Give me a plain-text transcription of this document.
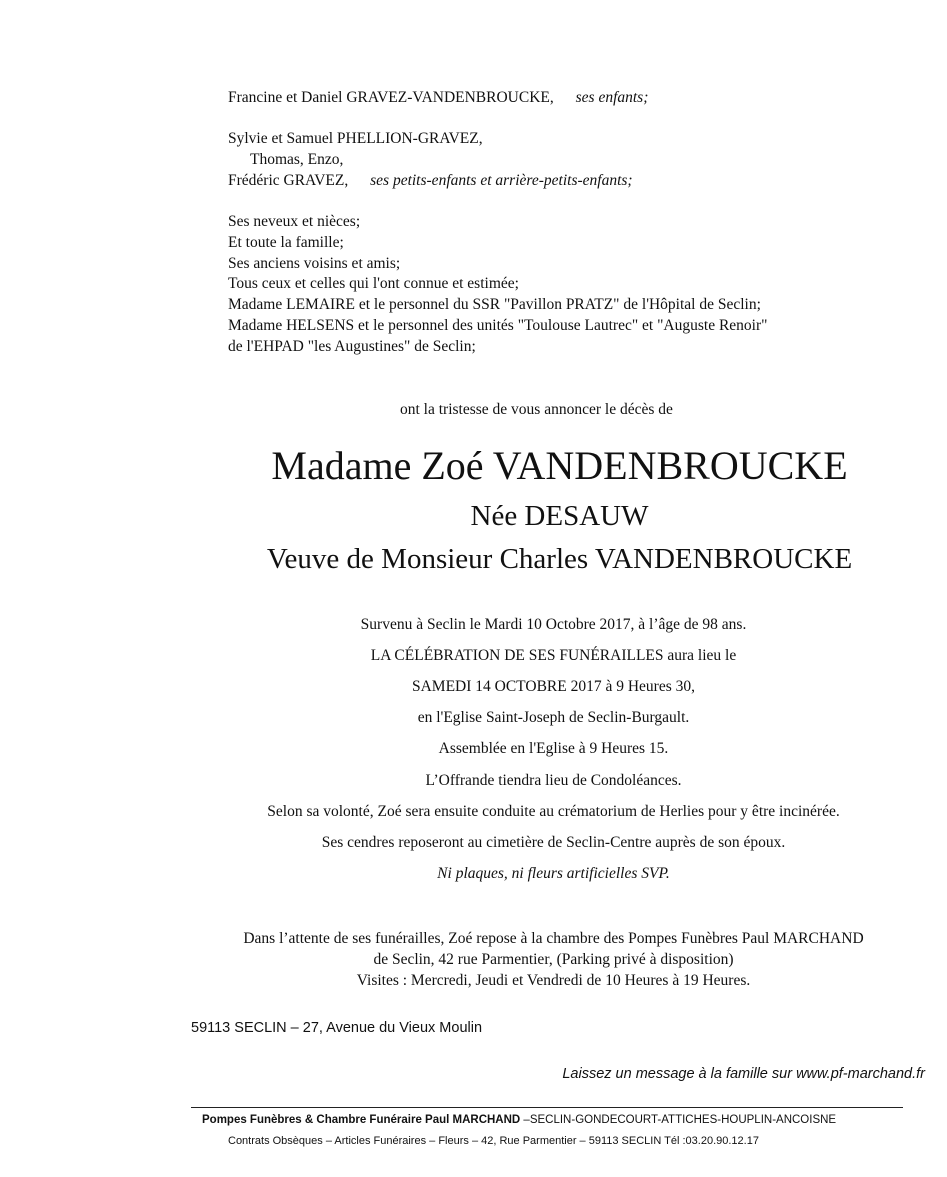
Francine et Daniel GRAVEZ-VANDENBROUCKE, ses enfants;
Sylvie et Samuel PHELLION-GRAVEZ,
Thomas, Enzo,
Frédéric GRAVEZ, ses petits-enfants et arrière-petits-enfants;
Ses neveux et nièces;
Et toute la famille;
Ses anciens voisins et amis;
Tous ceux et celles qui l'ont connue et estimée;
Madame LEMAIRE et le personnel du SSR "Pavillon PRATZ" de l'Hôpital de Seclin;
Madame HELSENS et le personnel des unités "Toulouse Lautrec" et "Auguste Renoir"
de l'EHPAD "les Augustines" de Seclin;
ont la tristesse de vous annoncer le décès de
Madame Zoé VANDENBROUCKE
Née DESAUW
Veuve de Monsieur Charles VANDENBROUCKE
Survenu à Seclin le Mardi 10 Octobre 2017, à l’âge de 98 ans.
LA CÉLÉBRATION DE SES FUNÉRAILLES aura lieu le
SAMEDI 14 OCTOBRE 2017 à 9 Heures 30,
en l'Eglise Saint-Joseph de Seclin-Burgault.
Assemblée en l'Eglise à 9 Heures 15.
L’Offrande tiendra lieu de Condoléances.
Selon sa volonté, Zoé sera ensuite conduite au crématorium de Herlies pour y être incinérée.
Ses cendres reposeront au cimetière de Seclin-Centre auprès de son époux.
Ni plaques, ni fleurs artificielles SVP.
Dans l’attente de ses funérailles, Zoé repose à la chambre des Pompes Funèbres Paul MARCHAND
de Seclin, 42 rue Parmentier, (Parking privé à disposition)
Visites : Mercredi, Jeudi et Vendredi de 10 Heures à 19 Heures.
59113 SECLIN – 27, Avenue du Vieux Moulin
Laissez un message à la famille sur www.pf-marchand.fr
Pompes Funèbres & Chambre Funéraire Paul MARCHAND –SECLIN-GONDECOURT-ATTICHES-HOUPLIN-ANCOISNE
Contrats Obsèques – Articles Funéraires – Fleurs – 42, Rue Parmentier – 59113 SECLIN Tél :03.20.90.12.17
